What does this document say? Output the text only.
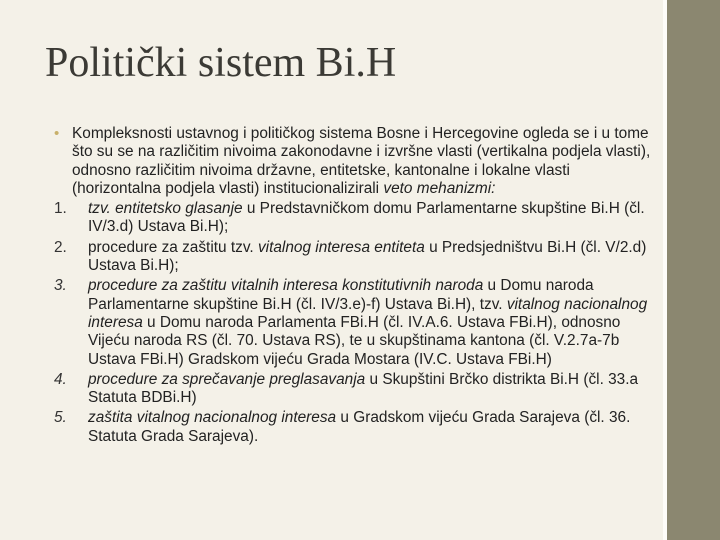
Politički sistem Bi.H

• Kompleksnosti ustavnog i političkog sistema Bosne i Hercegovine ogleda se i u tome što su se na različitim nivoima zakonodavne i izvršne vlasti (vertikalna podjela vlasti), odnosno različitim nivoima državne, entitetske, kantonalne i lokalne vlasti (horizontalna podjela vlasti) institucionalizirali veto mehanizmi:

1. tzv. entitetsko glasanje u Predstavničkom domu Parlamentarne skupštine Bi.H (čl. IV/3.d) Ustava Bi.H);
2. procedure za zaštitu tzv. vitalnog interesa entiteta u Predsjedništvu Bi.H (čl. V/2.d) Ustava Bi.H);
3. procedure za zaštitu vitalnih interesa konstitutivnih naroda u Domu naroda Parlamentarne skupštine Bi.H (čl. IV/3.e)-f) Ustava Bi.H), tzv. vitalnog nacionalnog interesa u Domu naroda Parlamenta FBi.H (čl. IV.A.6. Ustava FBi.H), odnosno Vijeću naroda RS (čl. 70. Ustava RS), te u skupštinama kantona (čl. V.2.7a-7b Ustava FBi.H) Gradskom vijeću Grada Mostara (IV.C. Ustava FBi.H)
4. procedure za sprečavanje preglasavanja u Skupštini Brčko distrikta Bi.H (čl. 33.a Statuta BDBi.H)
5. zaštita vitalnog nacionalnog interesa u Gradskom vijeću Grada Sarajeva (čl. 36. Statuta Grada Sarajeva).
